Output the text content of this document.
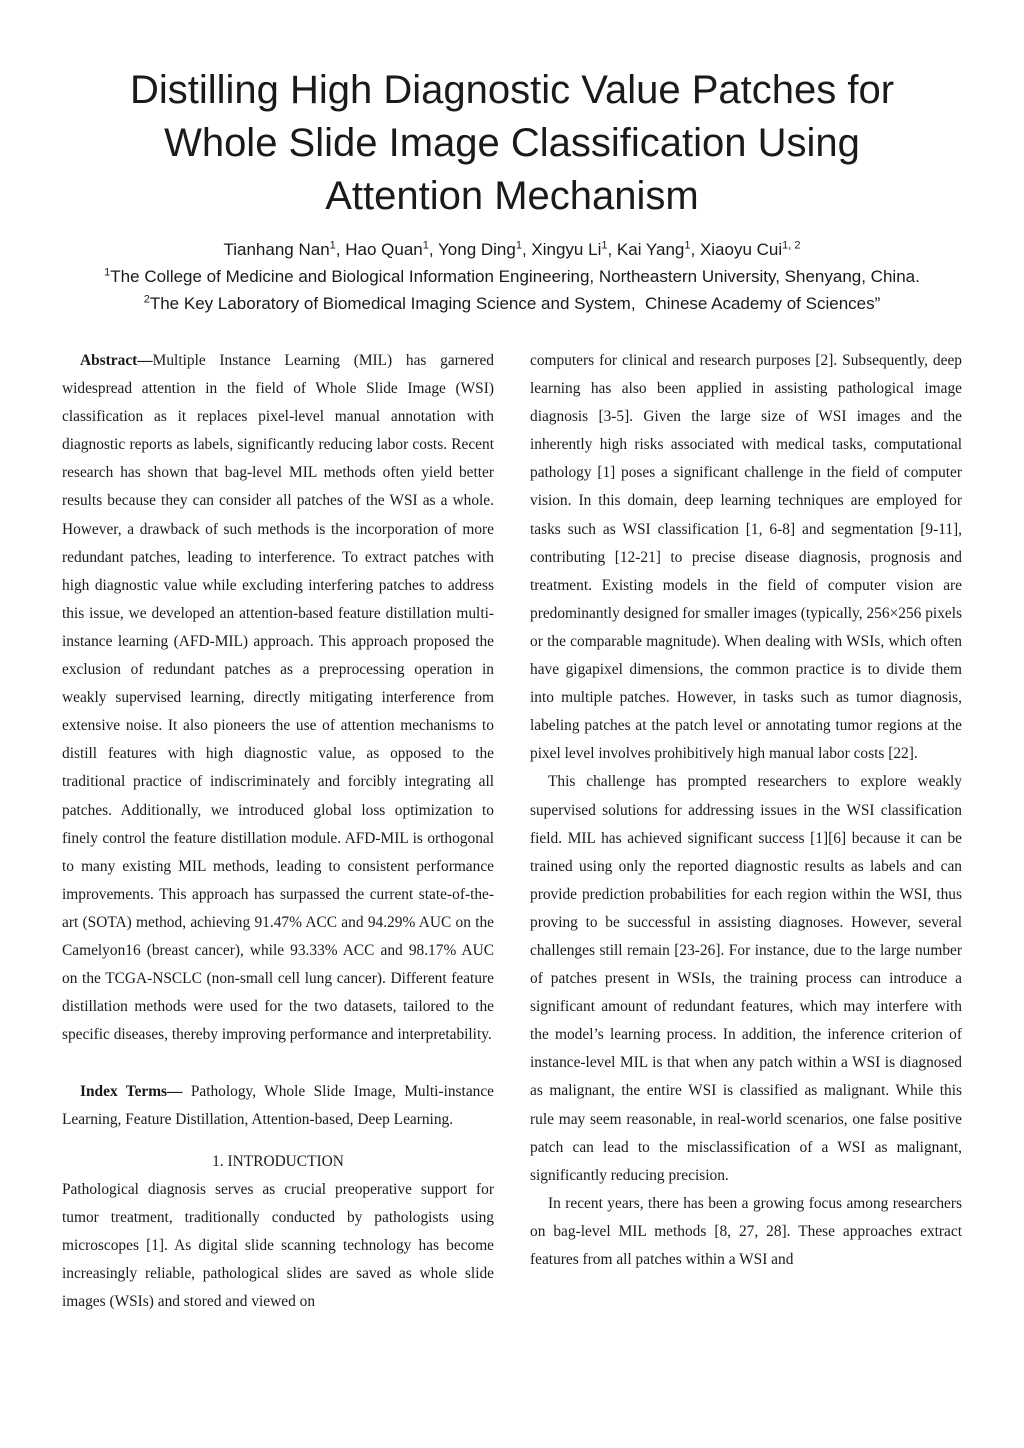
Distilling High Diagnostic Value Patches for
Whole Slide Image Classification Using
Attention Mechanism
Tianhang Nan$^1$, Hao Quan$^1$, Yong Ding$^1$, Xingyu Li$^1$, Kai Yang$^1$, Xiaoyu Cui$^{1, 2}$
$^1$The College of Medicine and Biological Information Engineering, Northeastern University, Shenyang, China.
$^2$The Key Laboratory of Biomedical Imaging Science and System,  Chinese Academy of Sciences”

Abstract—Multiple Instance Learning (MIL) has garnered widespread attention in the field of Whole Slide Image (WSI) classification as it replaces pixel-level manual annotation with diagnostic reports as labels, significantly reducing labor costs. Recent research has shown that bag-level MIL methods often yield better results because they can consider all patches of the WSI as a whole. However, a drawback of such methods is the incorporation of more redundant patches, leading to interference. To extract patches with high diagnostic value while excluding interfering patches to address this issue, we developed an attention-based feature distillation multi-instance learning (AFD-MIL) approach. This approach proposed the exclusion of redundant patches as a preprocessing operation in weakly supervised learning, directly mitigating interference from extensive noise. It also pioneers the use of attention mechanisms to distill features with high diagnostic value, as opposed to the traditional practice of indiscriminately and forcibly integrating all patches. Additionally, we introduced global loss optimization to finely control the feature distillation module. AFD-MIL is orthogonal to many existing MIL methods, leading to consistent performance improvements. This approach has surpassed the current state-of-the-art (SOTA) method, achieving 91.47% ACC and 94.29% AUC on the Camelyon16 (breast cancer), while 93.33% ACC and 98.17% AUC on the TCGA-NSCLC (non-small cell lung cancer). Different feature distillation methods were used for the two datasets, tailored to the specific diseases, thereby improving performance and interpretability.

Index Terms— Pathology, Whole Slide Image, Multi-instance Learning, Feature Distillation, Attention-based, Deep Learning.

1. INTRODUCTION

Pathological diagnosis serves as crucial preoperative support for tumor treatment, traditionally conducted by pathologists using microscopes [1]. As digital slide scanning technology has become increasingly reliable, pathological slides are saved as whole slide images (WSIs) and stored and viewed on

computers for clinical and research purposes [2]. Subsequently, deep learning has also been applied in assisting pathological image diagnosis [3-5]. Given the large size of WSI images and the inherently high risks associated with medical tasks, computational pathology [1] poses a significant challenge in the field of computer vision. In this domain, deep learning techniques are employed for tasks such as WSI classification [1, 6-8] and segmentation [9-11], contributing [12-21] to precise disease diagnosis, prognosis and treatment. Existing models in the field of computer vision are predominantly designed for smaller images (typically, 256×256 pixels or the comparable magnitude). When dealing with WSIs, which often have gigapixel dimensions, the common practice is to divide them into multiple patches. However, in tasks such as tumor diagnosis, labeling patches at the patch level or annotating tumor regions at the pixel level involves prohibitively high manual labor costs [22].

This challenge has prompted researchers to explore weakly supervised solutions for addressing issues in the WSI classification field. MIL has achieved significant success [1][6] because it can be trained using only the reported diagnostic results as labels and can provide prediction probabilities for each region within the WSI, thus proving to be successful in assisting diagnoses. However, several challenges still remain [23-26]. For instance, due to the large number of patches present in WSIs, the training process can introduce a significant amount of redundant features, which may interfere with the model’s learning process. In addition, the inference criterion of instance-level MIL is that when any patch within a WSI is diagnosed as malignant, the entire WSI is classified as malignant. While this rule may seem reasonable, in real-world scenarios, one false positive patch can lead to the misclassification of a WSI as malignant, significantly reducing precision.

In recent years, there has been a growing focus among researchers on bag-level MIL methods [8, 27, 28]. These approaches extract features from all patches within a WSI and
